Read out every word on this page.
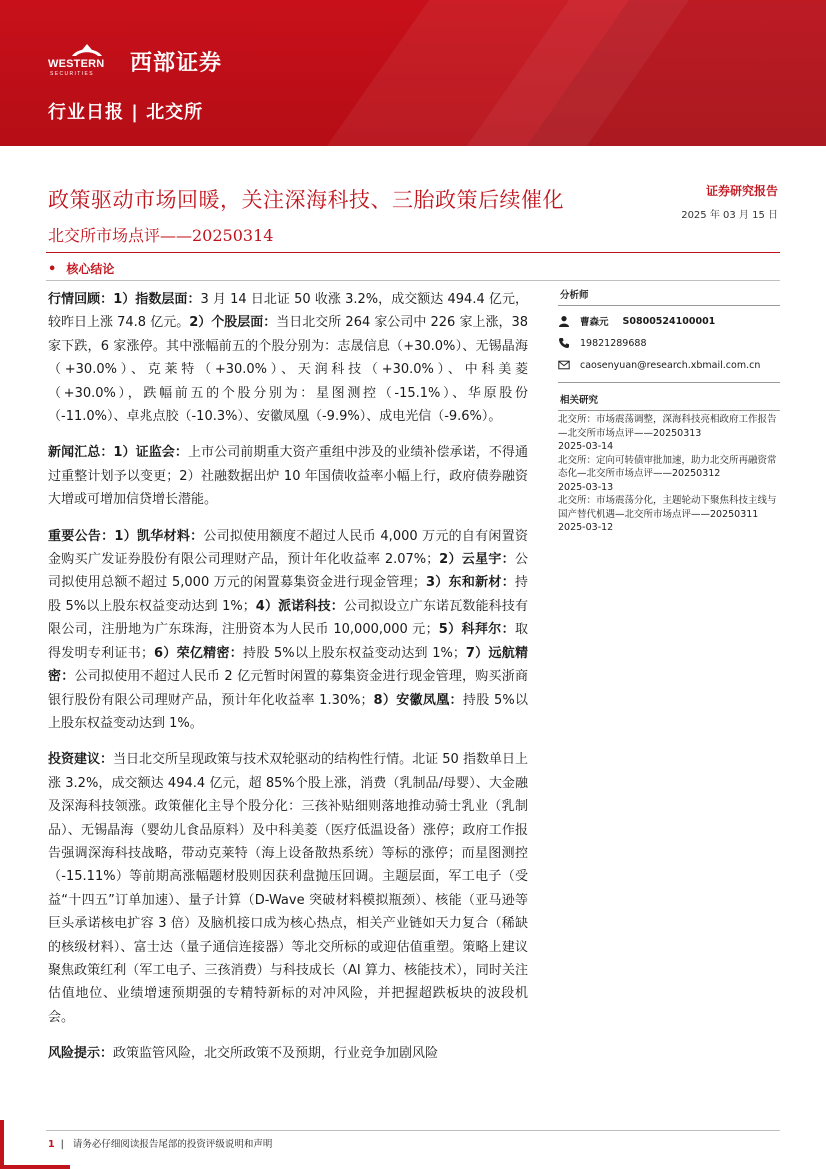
WESTERN
SECURITIES 西部证券
行业日报 | 北交所
政策驱动市场回暖，关注深海科技、三胎政策后续催化
北交所市场点评——20250314
证券研究报告
2025 年 03 月 15 日
• 核心结论

行情回顾：1）指数层面：3 月 14 日北证 50 收涨 3.2%，成交额达 494.4 亿元，较昨日上涨 74.8 亿元。2）个股层面：当日北交所 264 家公司中 226 家上涨，38 家下跌，6 家涨停。其中涨幅前五的个股分别为：志晟信息（+30.0%）、无锡晶海（+30.0%）、克莱特（+30.0%）、天润科技（+30.0%）、中科美菱（+30.0%），跌幅前五的个股分别为：星图测控（-15.1%）、华原股份（-11.0%）、卓兆点胶（-10.3%）、安徽凤凰（-9.9%）、成电光信（-9.6%）。

新闻汇总：1）证监会：上市公司前期重大资产重组中涉及的业绩补偿承诺，不得通过重整计划予以变更；2）社融数据出炉 10 年国债收益率小幅上行，政府债券融资大增或可增加信贷增长潜能。

重要公告：1）凯华材料：公司拟使用额度不超过人民币 4,000 万元的自有闲置资金购买广发证券股份有限公司理财产品，预计年化收益率 2.07%；2）云星宇：公司拟使用总额不超过 5,000 万元的闲置募集资金进行现金管理；3）东和新材：持股 5%以上股东权益变动达到 1%；4）派诺科技：公司拟设立广东诺瓦数能科技有限公司，注册地为广东珠海，注册资本为人民币 10,000,000 元；5）科拜尔：取得发明专利证书；6）荣亿精密：持股 5%以上股东权益变动达到 1%；7）远航精密：公司拟使用不超过人民币 2 亿元暂时闲置的募集资金进行现金管理，购买浙商银行股份有限公司理财产品，预计年化收益率 1.30%；8）安徽凤凰：持股 5%以上股东权益变动达到 1%。

投资建议：当日北交所呈现政策与技术双轮驱动的结构性行情。北证 50 指数单日上涨 3.2%，成交额达 494.4 亿元，超 85%个股上涨，消费（乳制品/母婴）、大金融及深海科技领涨。政策催化主导个股分化：三孩补贴细则落地推动骑士乳业（乳制品）、无锡晶海（婴幼儿食品原料）及中科美菱（医疗低温设备）涨停；政府工作报告强调深海科技战略，带动克莱特（海上设备散热系统）等标的涨停；而星图测控（-15.11%）等前期高涨幅题材股则因获利盘抛压回调。主题层面，军工电子（受益“十四五”订单加速）、量子计算（D-Wave 突破材料模拟瓶颈）、核能（亚马逊等巨头承诺核电扩容 3 倍）及脑机接口成为核心热点，相关产业链如天力复合（稀缺的核级材料）、富士达（量子通信连接器）等北交所标的或迎估值重塑。策略上建议聚焦政策红利（军工电子、三孩消费）与科技成长（AI 算力、核能技术），同时关注估值地位、业绩增速预期强的专精特新标的对冲风险，并把握超跌板块的波段机会。

风险提示：政策监管风险，北交所政策不及预期，行业竞争加剧风险

分析师
曹森元 S0800524100001
19821289688
caosenyuan@research.xbmail.com.cn
相关研究
北交所：市场震荡调整，深海科技亮相政府工作报告 —北交所市场点评——20250313
2025-03-14
北交所：定向可转债审批加速，助力北交所再融资常态化—北交所市场点评——20250312
2025-03-13
北交所：市场震荡分化，主题轮动下聚焦科技主线与国产替代机遇—北交所市场点评——20250311　2025-03-12
1 | 请务必仔细阅读报告尾部的投资评级说明和声明
